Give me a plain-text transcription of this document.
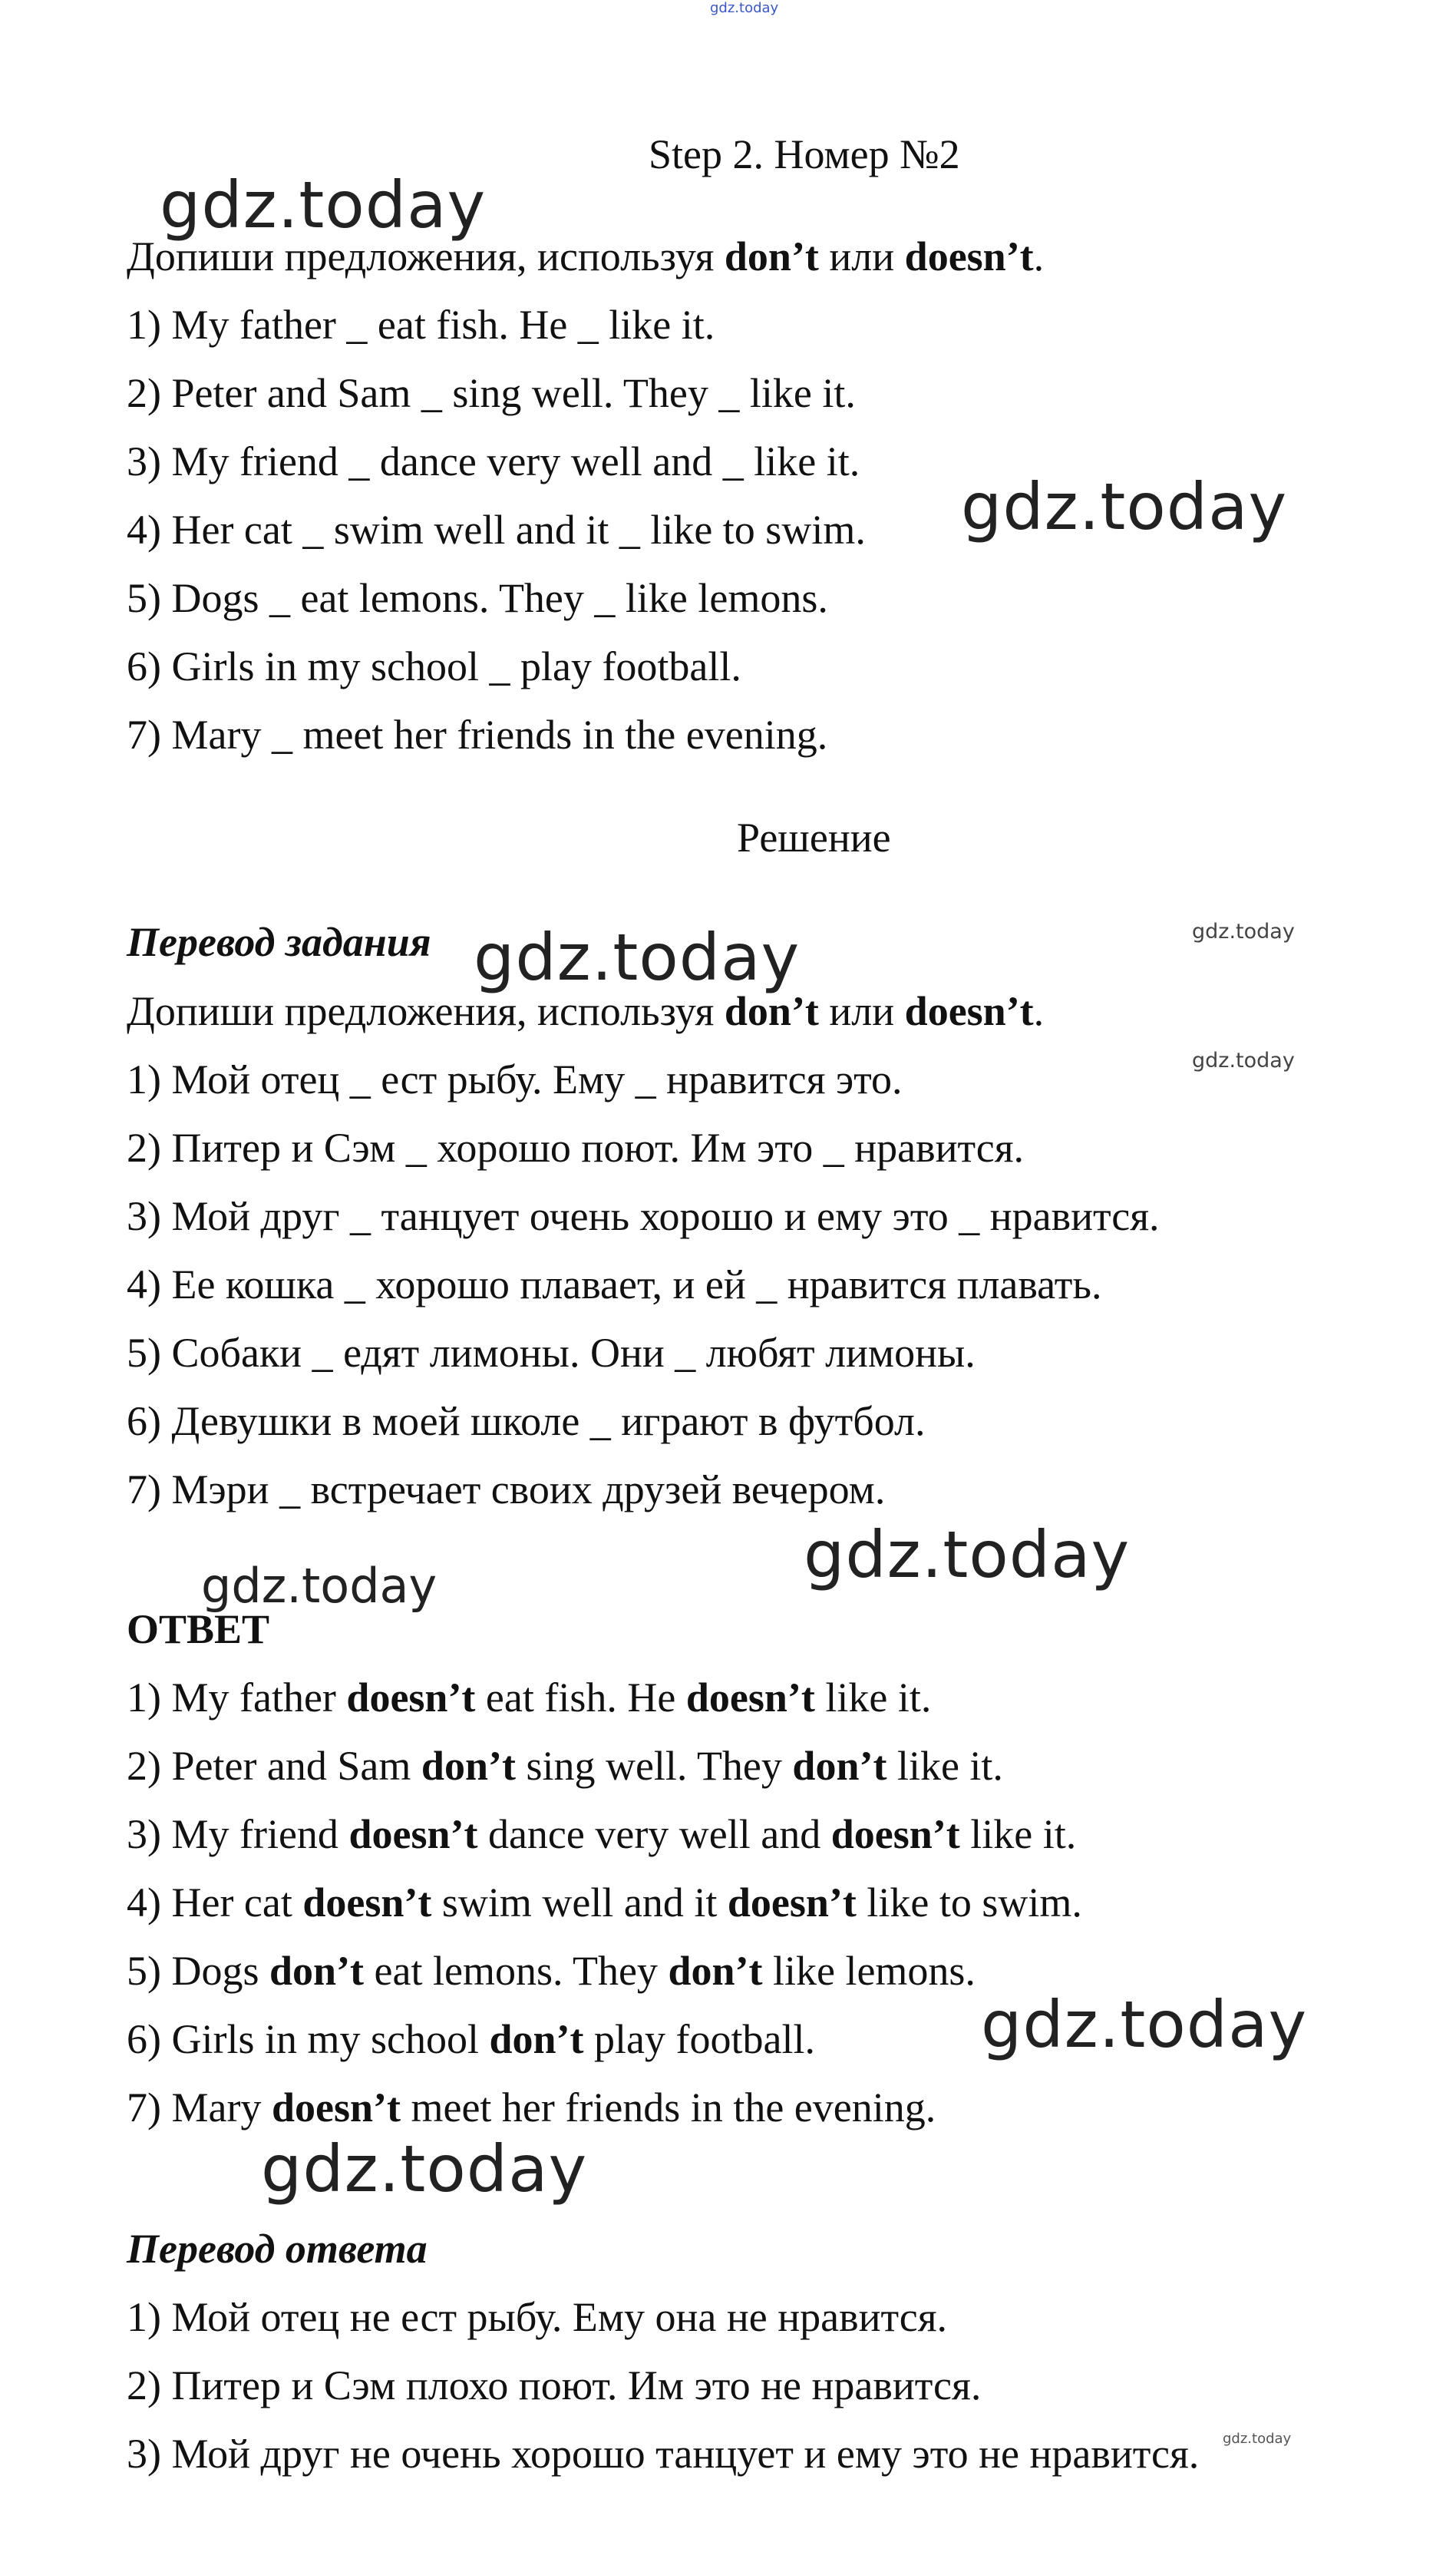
gdz.today
Step 2. Номер №2
Допиши предложения, используя don’t или doesn’t.
1) My father _ eat fish. He _ like it.
2) Peter and Sam _ sing well. They _ like it.
3) My friend _ dance very well and _ like it.
4) Her cat _ swim well and it _ like to swim.
5) Dogs _ eat lemons. They _ like lemons.
6) Girls in my school _ play football.
7) Mary _ meet her friends in the evening.
Решение
Перевод задания
Допиши предложения, используя don’t или doesn’t.
1) Мой отец _ ест рыбу. Ему _ нравится это.
2) Питер и Сэм _ хорошо поют. Им это _ нравится.
3) Мой друг _ танцует очень хорошо и ему это _ нравится.
4) Ее кошка _ хорошо плавает, и ей _ нравится плавать.
5) Собаки _ едят лимоны. Они _ любят лимоны.
6) Девушки в моей школе _ играют в футбол.
7) Мэри _ встречает своих друзей вечером.
ОТВЕТ
1) My father doesn’t eat fish. He doesn’t like it.
2) Peter and Sam don’t sing well. They don’t like it.
3) My friend doesn’t dance very well and doesn’t like it.
4) Her cat doesn’t swim well and it doesn’t like to swim.
5) Dogs don’t eat lemons. They don’t like lemons.
6) Girls in my school don’t play football.
7) Mary doesn’t meet her friends in the evening.
Перевод ответа
1) Мой отец не ест рыбу. Ему она не нравится.
2) Питер и Сэм плохо поют. Им это не нравится.
3) Мой друг не очень хорошо танцует и ему это не нравится.
gdz.today
gdz.today
gdz.today
gdz.today
gdz.today
gdz.today
gdz.today
gdz.today
gdz.today
gdz.today
